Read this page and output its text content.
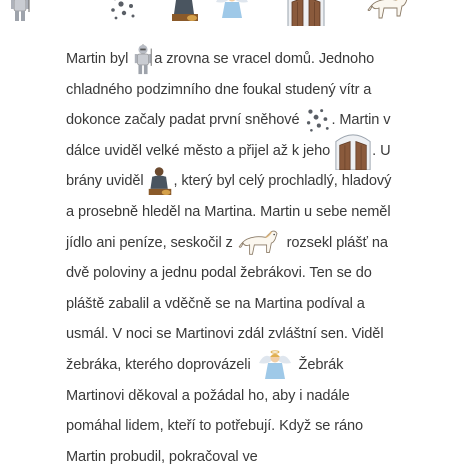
Martin byl
a zrovna se vracel domů. Jednoho chladného podzimního dne foukal studený vítr a dokonce začaly padat první sněhové
. Martin v dálce uviděl velké město a přijel až k jeho	. U brány uviděl
, který byl celý prochladlý, hladový a prosebně hleděl na Martina. Martin u sebe neměl jídlo ani peníze, seskočil z	rozsekl plášť na dvě poloviny a jednu podal žebrákovi. Ten se do pláště zabalil a vděčně se na Martina podíval a usmál. V noci se Martinovi zdál zvláštní sen. Viděl žebráka, kterého doprovázeli	Žebrák Martinovi děkoval a požádal ho, aby i nadále pomáhal lidem, kteří to potřebují. Když se ráno Martin probudil, pokračoval ve
